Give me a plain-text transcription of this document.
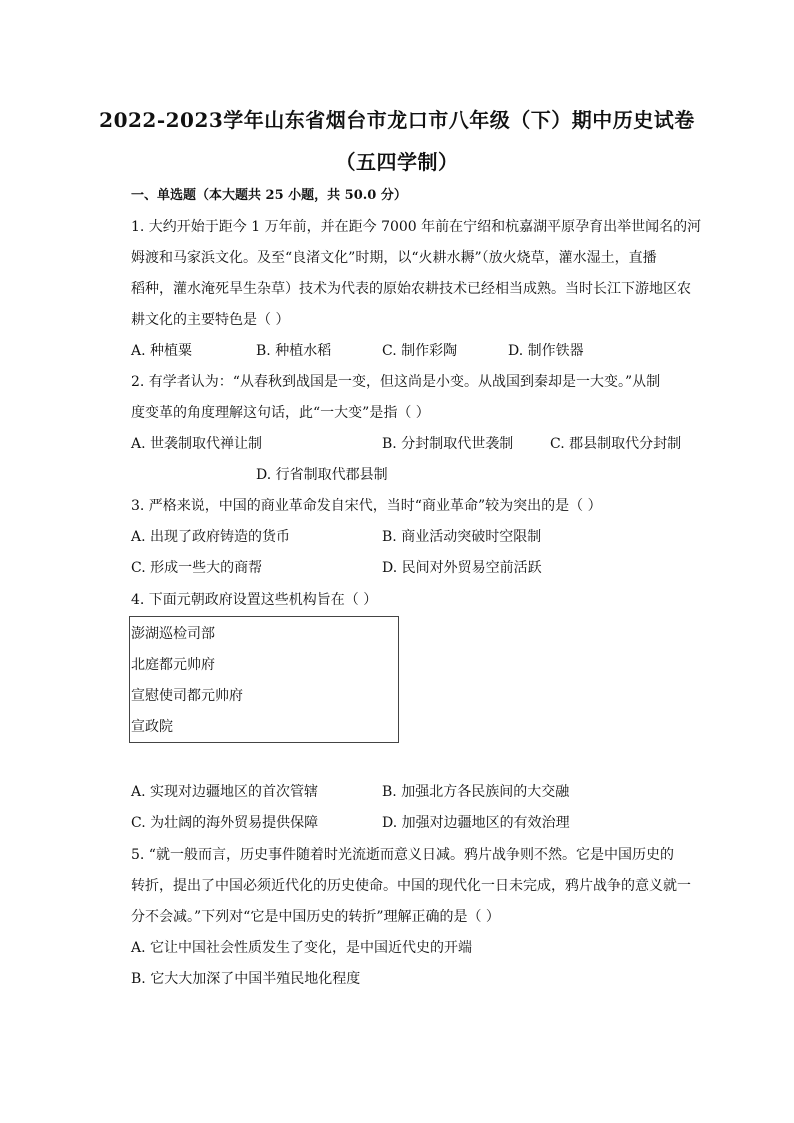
2022-2023学年山东省烟台市龙口市八年级（下）期中历史试卷
（五四学制）
一、单选题（本大题共 25 小题，共 50.0 分）
1. 大约开始于距今 1 万年前，并在距今 7000 年前在宁绍和杭嘉湖平原孕育出举世闻名的河
姆渡和马家浜文化。及至“良渚文化”时期，以“火耕水耨”（放火烧草，灌水湿土，直播
稻种，灌水淹死旱生杂草）技术为代表的原始农耕技术已经相当成熟。当时长江下游地区农
耕文化的主要特色是（ ）
A. 种植粟	B. 种植水稻	C. 制作彩陶	D. 制作铁器
2. 有学者认为：“从春秋到战国是一变，但这尚是小变。从战国到秦却是一大变。”从制
度变革的角度理解这句话，此“一大变”是指（ ）
A. 世袭制取代禅让制	B. 分封制取代世袭制	C. 郡县制取代分封制
D. 行省制取代郡县制
3. 严格来说，中国的商业革命发自宋代，当时“商业革命”较为突出的是（ ）
A. 出现了政府铸造的货币	B. 商业活动突破时空限制
C. 形成一些大的商帮	D. 民间对外贸易空前活跃
4. 下面元朝政府设置这些机构旨在（ ）
澎湖巡检司部
北庭都元帅府
宣慰使司都元帅府
宣政院
A. 实现对边疆地区的首次管辖	B. 加强北方各民族间的大交融
C. 为壮阔的海外贸易提供保障	D. 加强对边疆地区的有效治理
5. “就一般而言，历史事件随着时光流逝而意义日减。鸦片战争则不然。它是中国历史的
转折，提出了中国必须近代化的历史使命。中国的现代化一日未完成，鸦片战争的意义就一
分不会减。”下列对“它是中国历史的转折”理解正确的是（ ）
A. 它让中国社会性质发生了变化，是中国近代史的开端
B. 它大大加深了中国半殖民地化程度
